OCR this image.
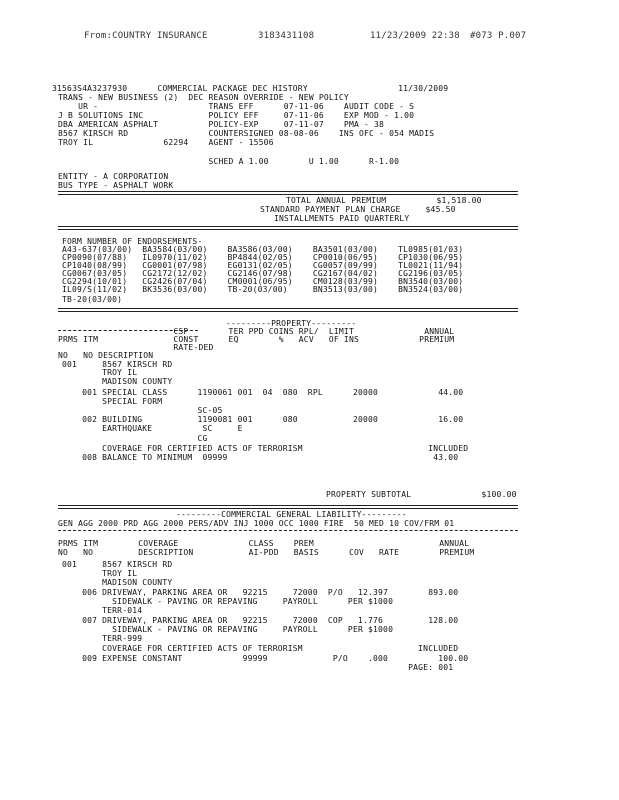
From:COUNTRY INSURANCE	3183431108	11/23/2009 22:38 #073 P.007
31563S4A3237930      COMMERCIAL PACKAGE DEC HISTORY                  11/30/2009
TRANS - NEW BUSINESS (2)  DEC REASON OVERRIDE - NEW POLICY
UR -                      TRANS EFF      07-11-06    AUDIT CODE - S
J B SOLUTIONS INC             POLICY EFF     07-11-06    EXP MOD - 1.00
DBA AMERICAN ASPHALT          POLICY-EXP     07-11-07    PMA - 38
8567 KIRSCH RD                COUNTERSIGNED 08-08-06    INS OFC - 054 MADIS
TROY IL              62294    AGENT - 15506
SCHED A 1.00        U 1.00      R-1.00
ENTITY - A CORPORATION
BUS TYPE - ASPHALT WORK
TOTAL ANNUAL PREMIUM          $1,518.00
STANDARD PAYMENT PLAN CHARGE     $45.50
INSTALLMENTS PAID QUARTERLY
FORM NUMBER OF ENDORSEMENTS-
A43-637(03/00)  BA3584(03/00)    BA3586(03/00)    BA3501(03/00)    TL0985(01/03)
CP0090(07/88)   IL0970(11/02)    BP4844(02/05)    CP0010(06/95)    CP1030(06/95)
CP1040(08/99)   CG0001(07/98)    EG0131(02/05)    CG0057(09/99)    TL0021(11/94)
CG0067(03/05)   CG2172(12/02)    CG2146(07/98)    CG2167(04/02)    CG2196(03/05)
CG2294(10/01)   CG2426(07/04)    CM0001(06/95)    CM0128(03/99)    BN3540(03/00)
IL09/S(11/02)   BK3536(03/00)    TB-20(03/00)     BN3513(03/00)    BN3524(03/00)
TB-20(03/00)
---------PROPERTY---------
CSP        TER PPD COINS RPL/  LIMIT              ANNUAL
PRMS ITM               CONST      EQ        %   ACV   OF INS            PREMIUM
RATE-DED
NO   NO DESCRIPTION
001     8567 KIRSCH RD
TROY IL
MADISON COUNTY
001 SPECIAL CLASS      1190061 001  04  080  RPL      20000            44.00
SPECIAL FORM
SC-05
002 BUILDING           1190081 001      080           20000            16.00
EARTHQUAKE          SC     E
CG
COVERAGE FOR CERTIFIED ACTS OF TERRORISM                         INCLUDED
008 BALANCE TO MINIMUM  09999                                         43.00
PROPERTY SUBTOTAL              $100.00
---------COMMERCIAL GENERAL LIABILITY---------
GEN AGG 2000 PRD AGG 2000 PERS/ADV INJ 1000 OCC 1000 FIRE  50 MED 10 COV/FRM 01
PRMS ITM        COVERAGE              CLASS    PREM                         ANNUAL
NO   NO         DESCRIPTION           AI-PDD   BASIS      COV   RATE        PREMIUM
001     8567 KIRSCH RD
TROY IL
MADISON COUNTY
006 DRIVEWAY, PARKING AREA OR   92215     72000  P/O   12.397        893.00
SIDEWALK - PAVING OR REPAVING     PAYROLL      PER $1000
TERR-014
007 DRIVEWAY, PARKING AREA OR   92215     72000  COP   1.776         128.00
SIDEWALK - PAVING OR REPAVING     PAYROLL      PER $1000
TERR-999
COVERAGE FOR CERTIFIED ACTS OF TERRORISM                       INCLUDED
009 EXPENSE CONSTANT            99999             P/O    .000          100.00
PAGE: 001
